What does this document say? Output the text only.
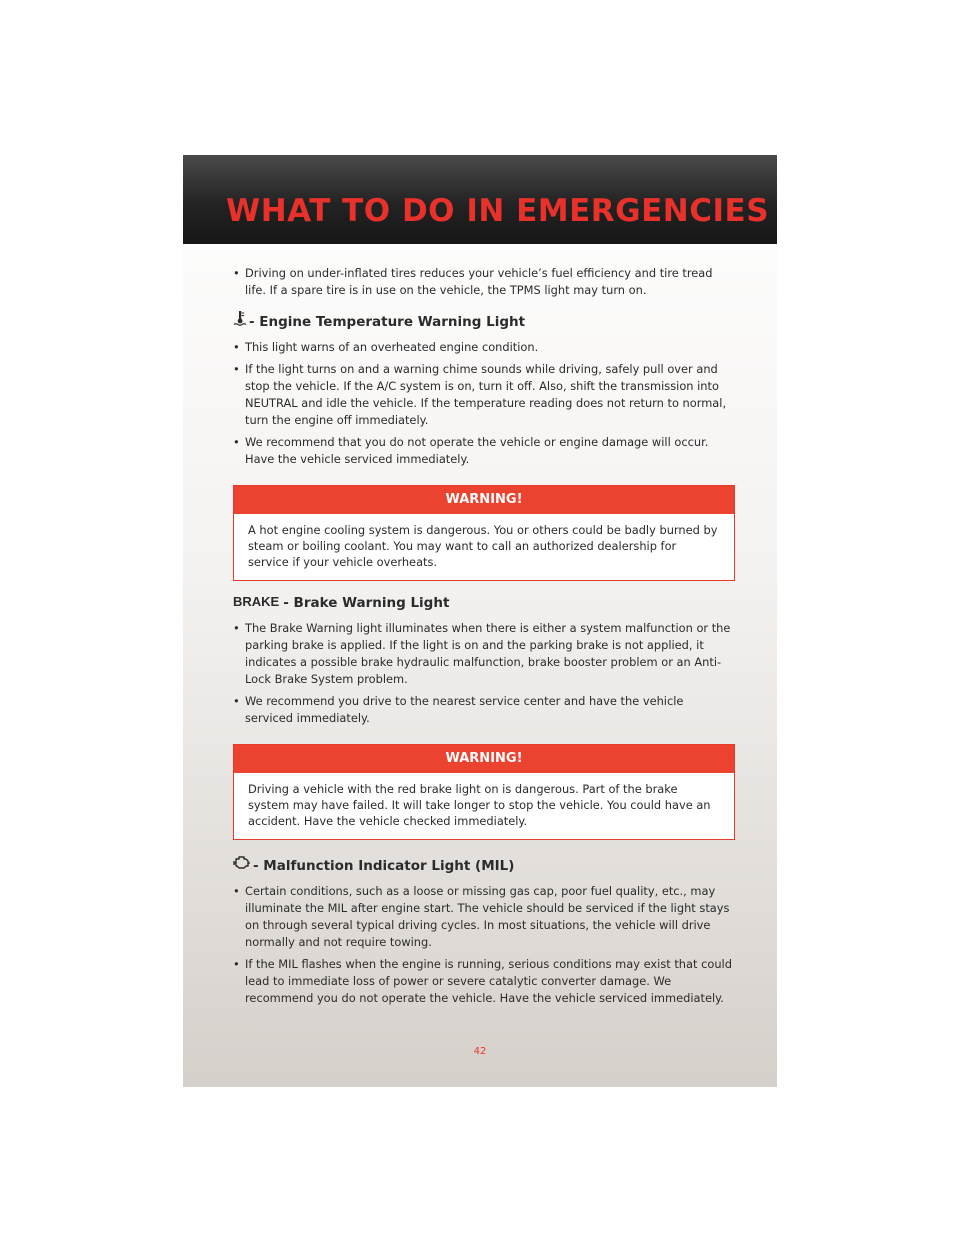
WHAT TO DO IN EMERGENCIES
• Driving on under-inflated tires reduces your vehicle’s fuel efficiency and tire tread life. If a spare tire is in use on the vehicle, the TPMS light may turn on.
- Engine Temperature Warning Light
• This light warns of an overheated engine condition.
• If the light turns on and a warning chime sounds while driving, safely pull over and stop the vehicle. If the A/C system is on, turn it off. Also, shift the transmission into NEUTRAL and idle the vehicle. If the temperature reading does not return to normal, turn the engine off immediately.
• We recommend that you do not operate the vehicle or engine damage will occur. Have the vehicle serviced immediately.
WARNING!
A hot engine cooling system is dangerous. You or others could be badly burned by steam or boiling coolant. You may want to call an authorized dealership for service if your vehicle overheats.
BRAKE - Brake Warning Light
• The Brake Warning light illuminates when there is either a system malfunction or the parking brake is applied. If the light is on and the parking brake is not applied, it indicates a possible brake hydraulic malfunction, brake booster problem or an Anti-Lock Brake System problem.
• We recommend you drive to the nearest service center and have the vehicle serviced immediately.
WARNING!
Driving a vehicle with the red brake light on is dangerous. Part of the brake system may have failed. It will take longer to stop the vehicle. You could have an accident. Have the vehicle checked immediately.
- Malfunction Indicator Light (MIL)
• Certain conditions, such as a loose or missing gas cap, poor fuel quality, etc., may illuminate the MIL after engine start. The vehicle should be serviced if the light stays on through several typical driving cycles. In most situations, the vehicle will drive normally and not require towing.
• If the MIL flashes when the engine is running, serious conditions may exist that could lead to immediate loss of power or severe catalytic converter damage. We recommend you do not operate the vehicle. Have the vehicle serviced immediately.
42
